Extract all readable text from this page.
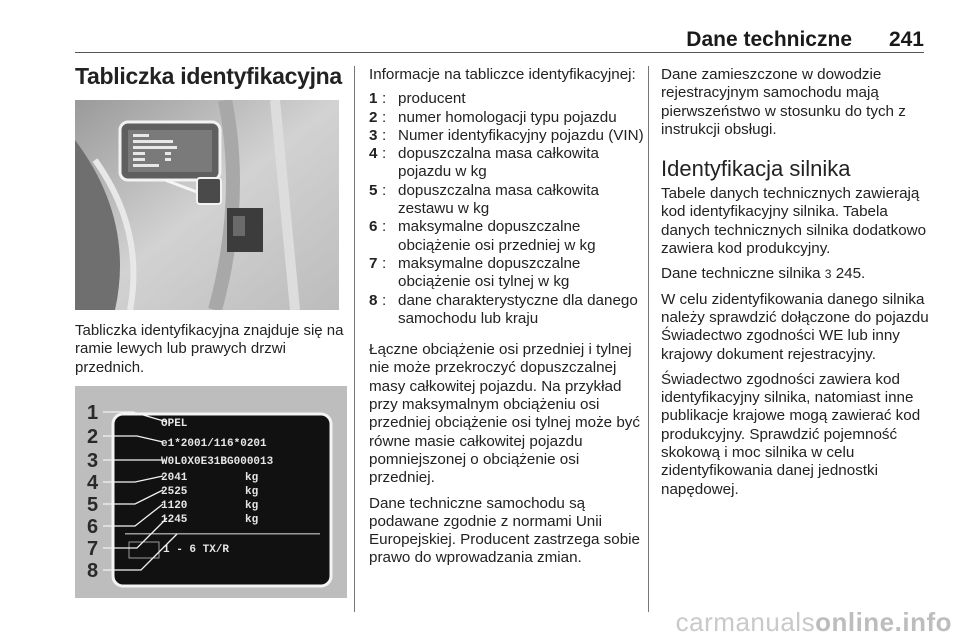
Dane techniczne 241
Tabliczka identyfikacyjna

Tabliczka identyfikacyjna znajduje się na ramie lewych lub prawych drzwi przednich.

OPEL
e1*2001/116*0201
W0L0X0E31BG000013
2041
2525
1120
1245
kg
kg
kg
kg
1 - 6 TX/R
1
2
3
4
5
6
7
8

Informacje na tabliczce identyfikacyjnej:

1 : producent
2 : numer homologacji typu pojazdu
3 : Numer identyfikacyjny pojazdu (VIN)
4 : dopuszczalna masa całkowita pojazdu w kg
5 : dopuszczalna masa całkowita zestawu w kg
6 : maksymalne dopuszczalne obciążenie osi przedniej w kg
7 : maksymalne dopuszczalne obciążenie osi tylnej w kg
8 : dane charakterystyczne dla danego samochodu lub kraju

Łączne obciążenie osi przedniej i tylnej nie może przekroczyć dopuszczalnej masy całkowitej pojazdu. Na przykład przy maksymalnym obciążeniu osi przedniej obciążenie osi tylnej może być równe masie całkowitej pojazdu pomniejszonej o obciążenie osi przedniej.

Dane techniczne samochodu są podawane zgodnie z normami Unii Europejskiej. Producent zastrzega sobie prawo do wprowadzania zmian.

Dane zamieszczone w dowodzie rejestracyjnym samochodu mają pierwszeństwo w stosunku do tych z instrukcji obsługi.

Identyfikacja silnika

Tabele danych technicznych zawierają kod identyfikacyjny silnika. Tabela danych technicznych silnika dodatkowo zawiera kod produkcyjny.

Dane techniczne silnika 3 245.

W celu zidentyfikowania danego silnika należy sprawdzić dołączone do pojazdu Świadectwo zgodności WE lub inny krajowy dokument rejestracyjny.

Świadectwo zgodności zawiera kod identyfikacyjny silnika, natomiast inne publikacje krajowe mogą zawierać kod produkcyjny. Sprawdzić pojemność skokową i moc silnika w celu zidentyfikowania danej jednostki napędowej.

carmanualsonline.info
